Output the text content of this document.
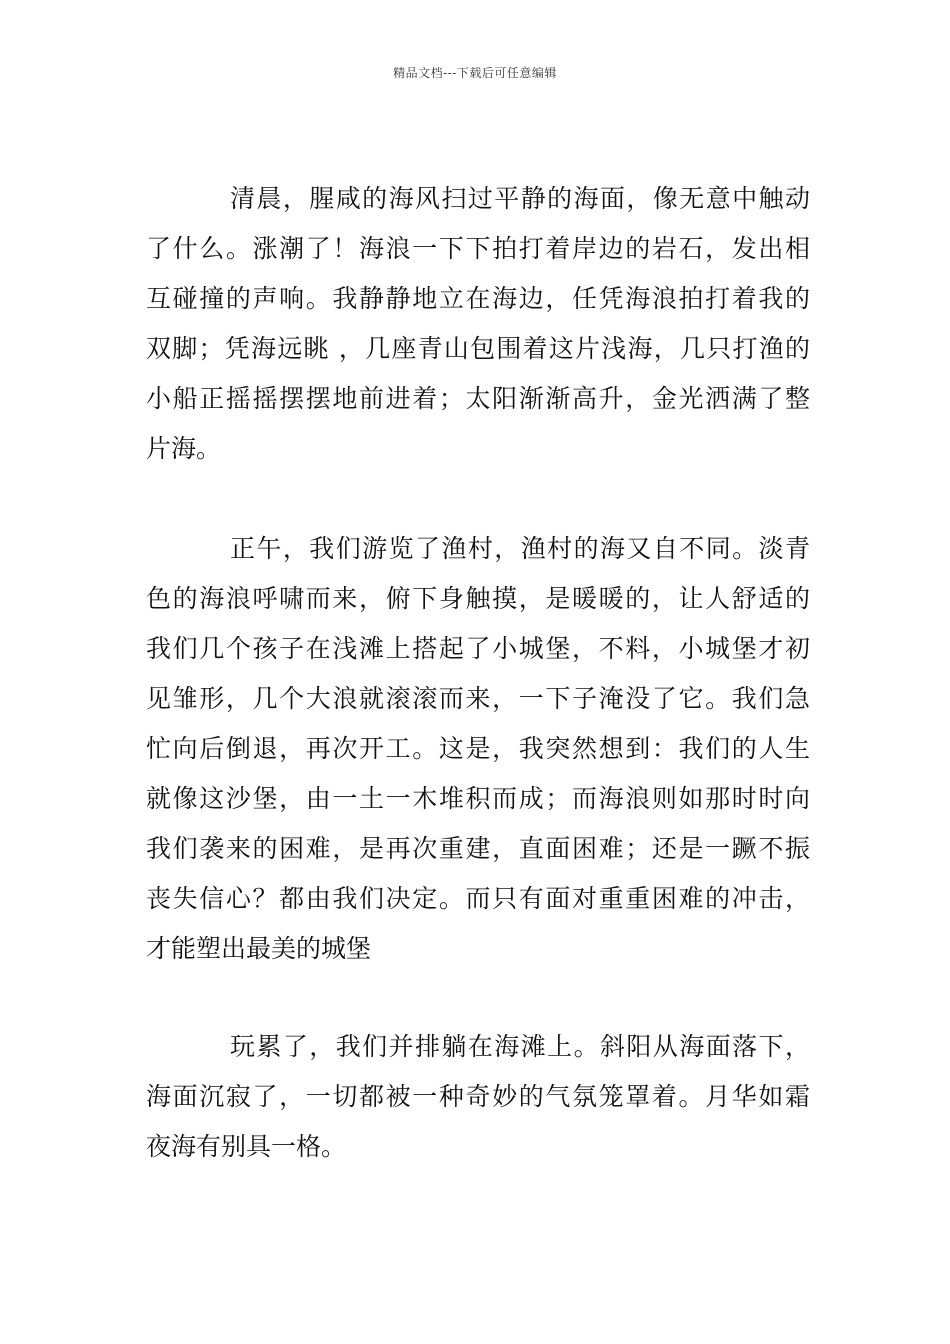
精品文档---下载后可任意编辑
清晨，腥咸的海风扫过平静的海面，像无意中触动
了什么。涨潮了！海浪一下下拍打着岸边的岩石，发出相
互碰撞的声响。我静静地立在海边，任凭海浪拍打着我的
双脚；凭海远眺 ，几座青山包围着这片浅海，几只打渔的
小船正摇摇摆摆地前进着；太阳渐渐高升，金光洒满了整
片海。
正午，我们游览了渔村，渔村的海又自不同。淡青
色的海浪呼啸而来，俯下身触摸，是暖暖的，让人舒适的
我们几个孩子在浅滩上搭起了小城堡，不料，小城堡才初
见雏形，几个大浪就滚滚而来，一下子淹没了它。我们急
忙向后倒退，再次开工。这是，我突然想到：我们的人生
就像这沙堡，由一土一木堆积而成；而海浪则如那时时向
我们袭来的困难，是再次重建，直面困难；还是一蹶不振
丧失信心？都由我们决定。而只有面对重重困难的冲击，
才能塑出最美的城堡
玩累了，我们并排躺在海滩上。斜阳从海面落下，
海面沉寂了，一切都被一种奇妙的气氛笼罩着。月华如霜
夜海有别具一格。
